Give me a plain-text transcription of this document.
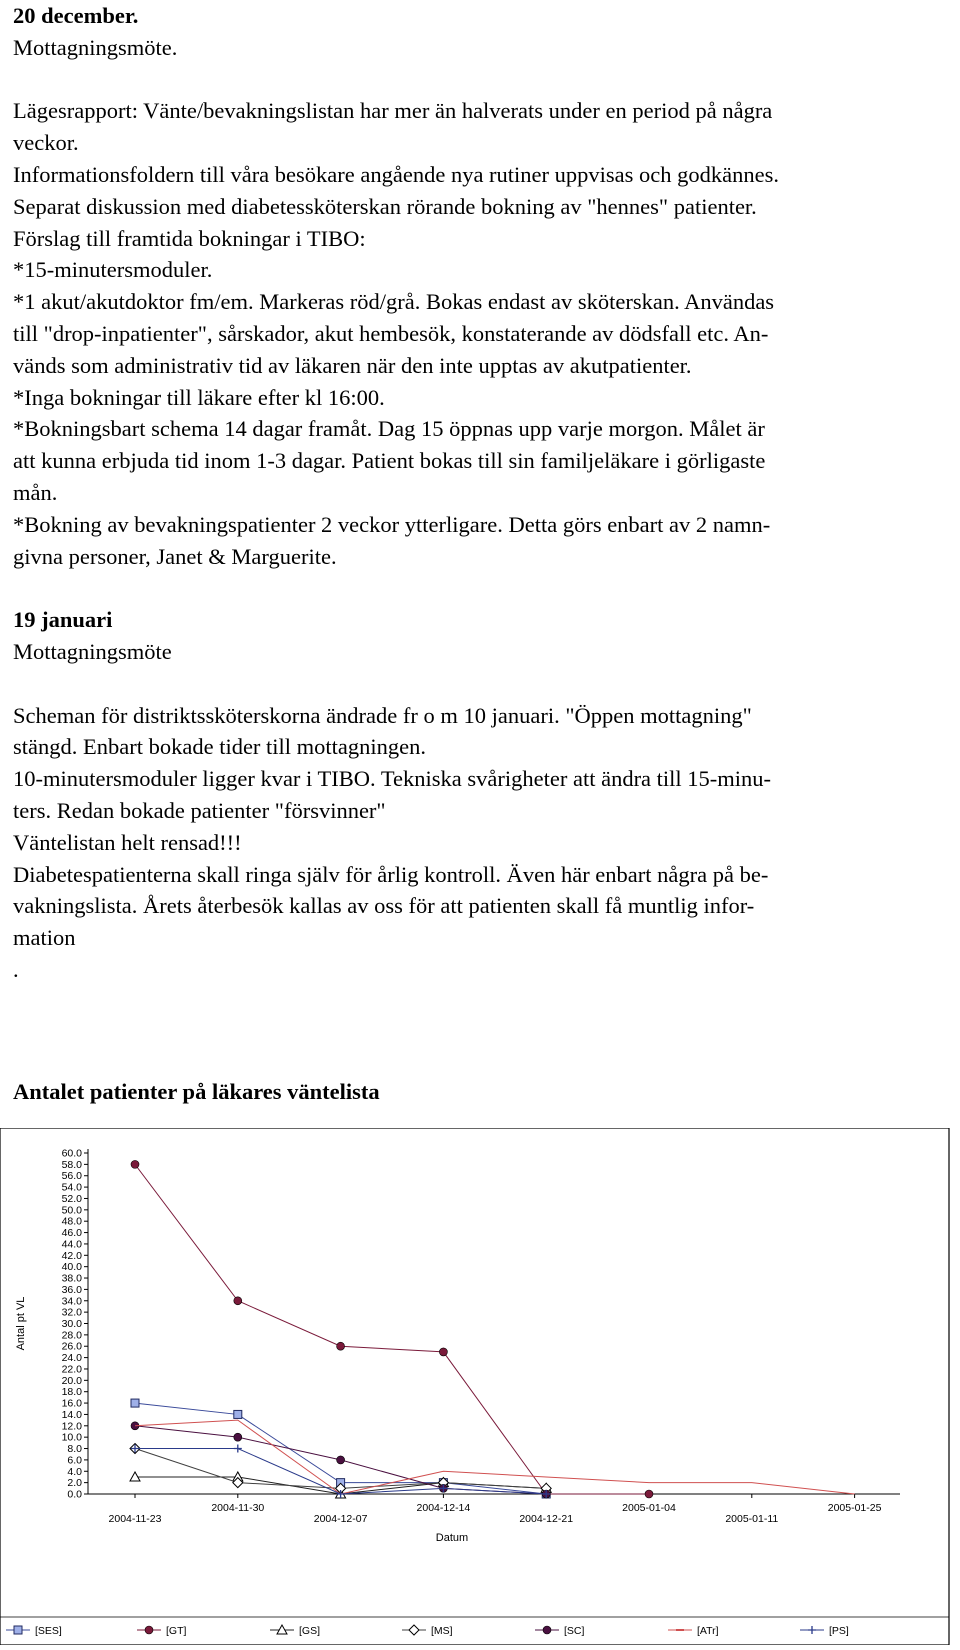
20 december.
Mottagningsmöte.
Lägesrapport: Vänte/bevakningslistan har mer än halverats under en period på några
veckor.
Informationsfoldern till våra besökare angående nya rutiner uppvisas och godkännes.
Separat diskussion med diabetessköterskan rörande bokning av "hennes" patienter.
Förslag till framtida bokningar i TIBO:
*15-minutersmoduler.
*1 akut/akutdoktor fm/em. Markeras röd/grå. Bokas endast av sköterskan. Användas
till "drop-inpatienter", sårskador, akut hembesök, konstaterande av dödsfall etc. An-
vänds som administrativ tid av läkaren när den inte upptas av akutpatienter.
*Inga bokningar till läkare efter kl 16:00.
*Bokningsbart schema 14 dagar framåt. Dag 15 öppnas upp varje morgon. Målet är
att kunna erbjuda tid inom 1-3 dagar. Patient bokas till sin familjeläkare i görligaste
mån.
*Bokning av bevakningspatienter 2 veckor ytterligare. Detta görs enbart av 2 namn-
givna personer, Janet & Marguerite.
19 januari
Mottagningsmöte
Scheman för distriktssköterskorna ändrade fr o m 10 januari. "Öppen mottagning"
stängd. Enbart bokade tider till mottagningen.
10-minutersmoduler ligger kvar i TIBO. Tekniska svårigheter att ändra till 15-minu-
ters. Redan bokade patienter "försvinner"
Väntelistan helt rensad!!!
Diabetespatienterna skall ringa själv för årlig kontroll. Även här enbart några på be-
vakningslista. Årets återbesök kallas av oss för att patienten skall få muntlig infor-
mation
.
Antalet patienter på läkares väntelista
0.0
2.0
4.0
6.0
8.0
10.0
12.0
14.0
16.0
18.0
20.0
22.0
24.0
26.0
28.0
30.0
32.0
34.0
36.0
38.0
40.0
42.0
44.0
46.0
48.0
50.0
52.0
54.0
56.0
58.0
60.0
2004-11-23
2004-11-30
2004-12-07
2004-12-14
2004-12-21
2005-01-04
2005-01-11
2005-01-25
Datum
Antal pt VL
[SES]	[GT]	[GS]	[MS]	[SC]	[ATr]	[PS]
